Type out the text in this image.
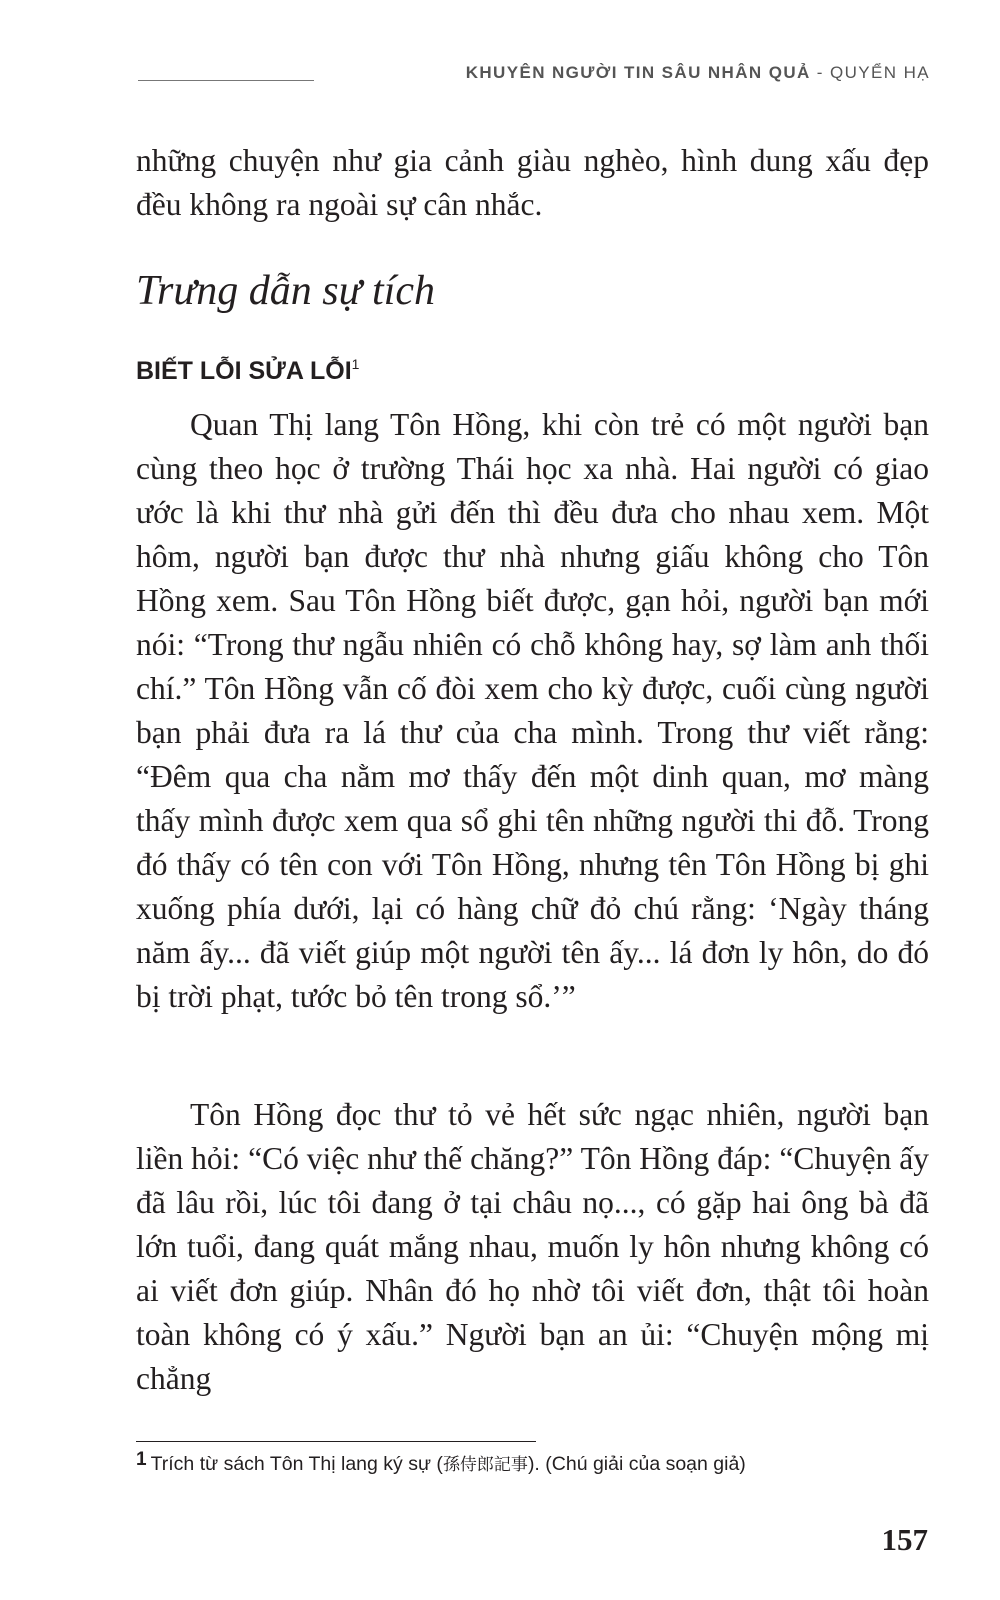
KHUYÊN NGƯỜI TIN SÂU NHÂN QUẢ - QUYỂN HẠ
những chuyện như gia cảnh giàu nghèo, hình dung xấu đẹp đều không ra ngoài sự cân nhắc.
Trưng dẫn sự tích
BIẾT LỖI SỬA LỖI$^1$
Quan Thị lang Tôn Hồng, khi còn trẻ có một người bạn cùng theo học ở trường Thái học xa nhà. Hai người có giao ước là khi thư nhà gửi đến thì đều đưa cho nhau xem. Một hôm, người bạn được thư nhà nhưng giấu không cho Tôn Hồng xem. Sau Tôn Hồng biết được, gạn hỏi, người bạn mới nói: “Trong thư ngẫu nhiên có chỗ không hay, sợ làm anh thối chí.” Tôn Hồng vẫn cố đòi xem cho kỳ được, cuối cùng người bạn phải đưa ra lá thư của cha mình. Trong thư viết rằng: “Đêm qua cha nằm mơ thấy đến một dinh quan, mơ màng thấy mình được xem qua sổ ghi tên những người thi đỗ. Trong đó thấy có tên con với Tôn Hồng, nhưng tên Tôn Hồng bị ghi xuống phía dưới, lại có hàng chữ đỏ chú rằng: ‘Ngày tháng năm ấy... đã viết giúp một người tên ấy... lá đơn ly hôn, do đó bị trời phạt, tước bỏ tên trong sổ.’”
Tôn Hồng đọc thư tỏ vẻ hết sức ngạc nhiên, người bạn liền hỏi: “Có việc như thế chăng?” Tôn Hồng đáp: “Chuyện ấy đã lâu rồi, lúc tôi đang ở tại châu nọ..., có gặp hai ông bà đã lớn tuổi, đang quát mắng nhau, muốn ly hôn nhưng không có ai viết đơn giúp. Nhân đó họ nhờ tôi viết đơn, thật tôi hoàn toàn không có ý xấu.” Người bạn an ủi: “Chuyện mộng mị chẳng
1 Trích từ sách Tôn Thị lang ký sự (孫侍郎記事). (Chú giải của soạn giả)
157
